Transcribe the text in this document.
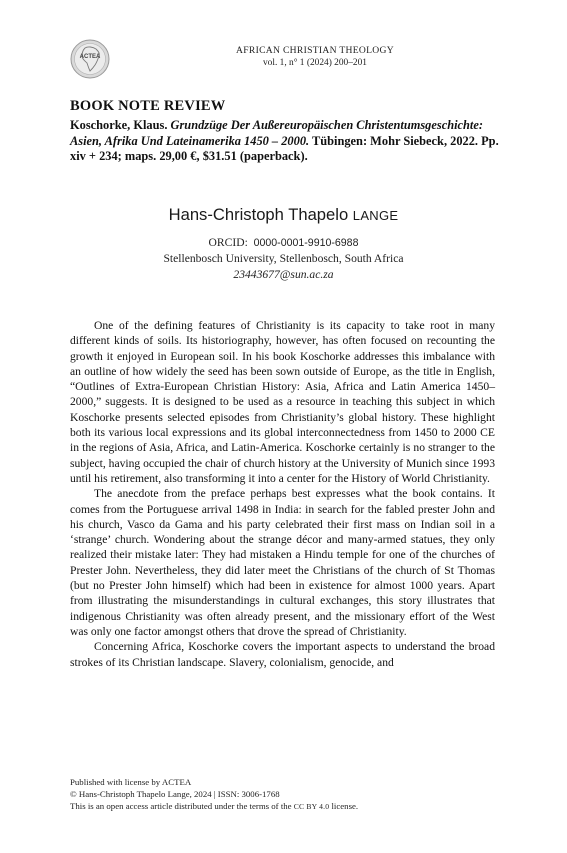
ACTEA
AFRICAN CHRISTIAN THEOLOGY
vol. 1, n° 1 (2024) 200–201
BOOK NOTE REVIEW
Koschorke, Klaus. Grundzüge Der Außereuropäischen Christentumsgeschichte: Asien, Afrika Und Lateinamerika 1450 – 2000. Tübingen: Mohr Siebeck, 2022. Pp. xiv + 234; maps. 29,00 €, $31.51 (paperback).
Hans-Christoph Thapelo LANGE
ORCID: 0000-0001-9910-6988
Stellenbosch University, Stellenbosch, South Africa
23443677@sun.ac.za

One of the defining features of Christianity is its capacity to take root in many different kinds of soils. Its historiography, however, has often focused on recounting the growth it enjoyed in European soil. In his book Koschorke addresses this imbalance with an outline of how widely the seed has been sown outside of Europe, as the title in English, “Outlines of Extra-European Christian History: Asia, Africa and Latin America 1450–2000,” suggests. It is designed to be used as a resource in teaching this subject in which Koschorke presents selected episodes from Christianity’s global history. These highlight both its various local expressions and its global interconnectedness from 1450 to 2000 CE in the regions of Asia, Africa, and Latin-America. Koschorke certainly is no stranger to the subject, having occupied the chair of church history at the University of Munich since 1993 until his retirement, also transforming it into a center for the History of World Christianity.

The anecdote from the preface perhaps best expresses what the book contains. It comes from the Portuguese arrival 1498 in India: in search for the fabled prester John and his church, Vasco da Gama and his party celebrated their first mass on Indian soil in a ‘strange’ church. Wondering about the strange décor and many-armed statues, they only realized their mistake later: They had mistaken a Hindu temple for one of the churches of Prester John. Nevertheless, they did later meet the Christians of the church of St Thomas (but no Prester John himself) which had been in existence for almost 1000 years. Apart from illustrating the misunderstandings in cultural exchanges, this story illustrates that indigenous Christianity was often already present, and the missionary effort of the West was only one factor amongst others that drove the spread of Christianity.

Concerning Africa, Koschorke covers the important aspects to understand the broad strokes of its Christian landscape. Slavery, colonialism, genocide, and

Published with license by ACTEA
© Hans-Christoph Thapelo Lange, 2024 | ISSN: 3006-1768
This is an open access article distributed under the terms of the CC BY 4.0 license.
